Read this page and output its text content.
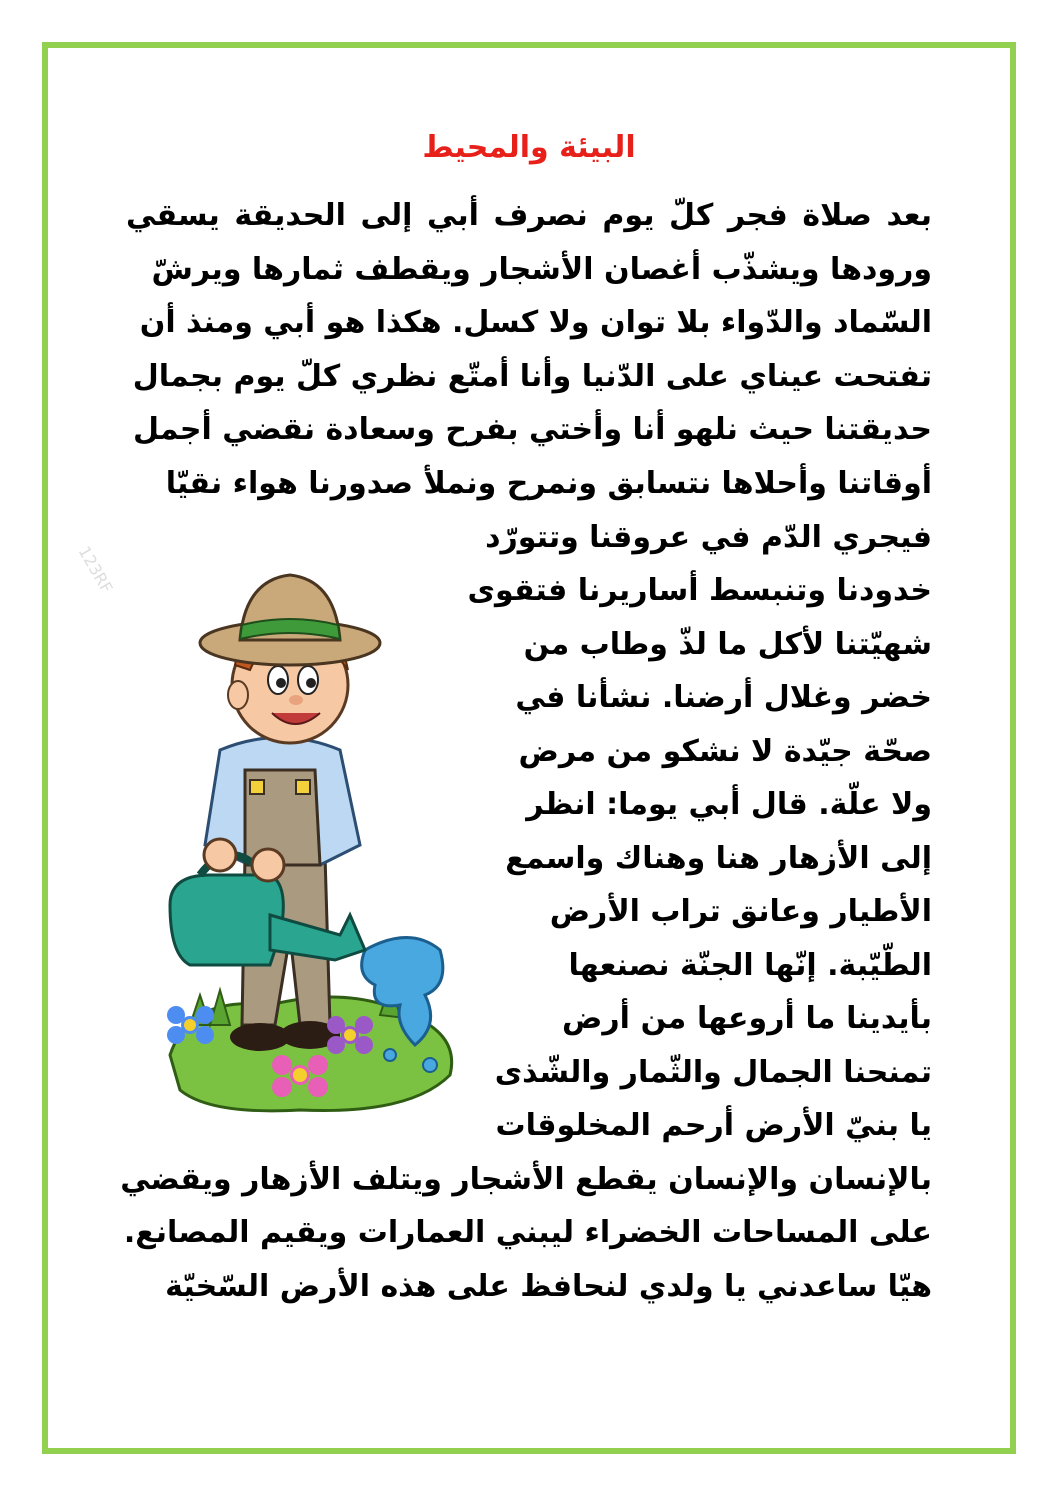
البيئة والمحيط
بعد صلاة فجر كلّ يوم نصرف أبي إلى الحديقة يسقي
ورودها ويشذّب أغصان الأشجار ويقطف ثمارها ويرشّ
السّماد والدّواء بلا توان ولا كسل. هكذا هو أبي ومنذ أن
تفتحت عيناي على الدّنيا وأنا أمتّع نظري كلّ يوم بجمال
حديقتنا حيث نلهو أنا وأختي بفرح وسعادة نقضي أجمل
أوقاتنا وأحلاها نتسابق ونمرح ونملأ صدورنا هواء نقيّا
فيجري الدّم في عروقنا وتتورّد
خدودنا وتنبسط أساريرنا فتقوى
شهيّتنا لأكل ما لذّ وطاب من
خضر وغلال أرضنا. نشأنا في
صحّة جيّدة لا نشكو من مرض
ولا علّة. قال أبي يوما: انظر
إلى الأزهار هنا وهناك واسمع
الأطيار وعانق تراب الأرض
الطّيّبة. إنّها الجنّة نصنعها
بأيدينا ما أروعها من أرض
تمنحنا الجمال والثّمار والشّذى
يا بنيّ الأرض أرحم المخلوقات
بالإنسان والإنسان يقطع الأشجار ويتلف الأزهار ويقضي
على المساحات الخضراء ليبني العمارات ويقيم المصانع.
هيّا ساعدني يا ولدي لنحافظ على هذه الأرض السّخيّة
123RF
